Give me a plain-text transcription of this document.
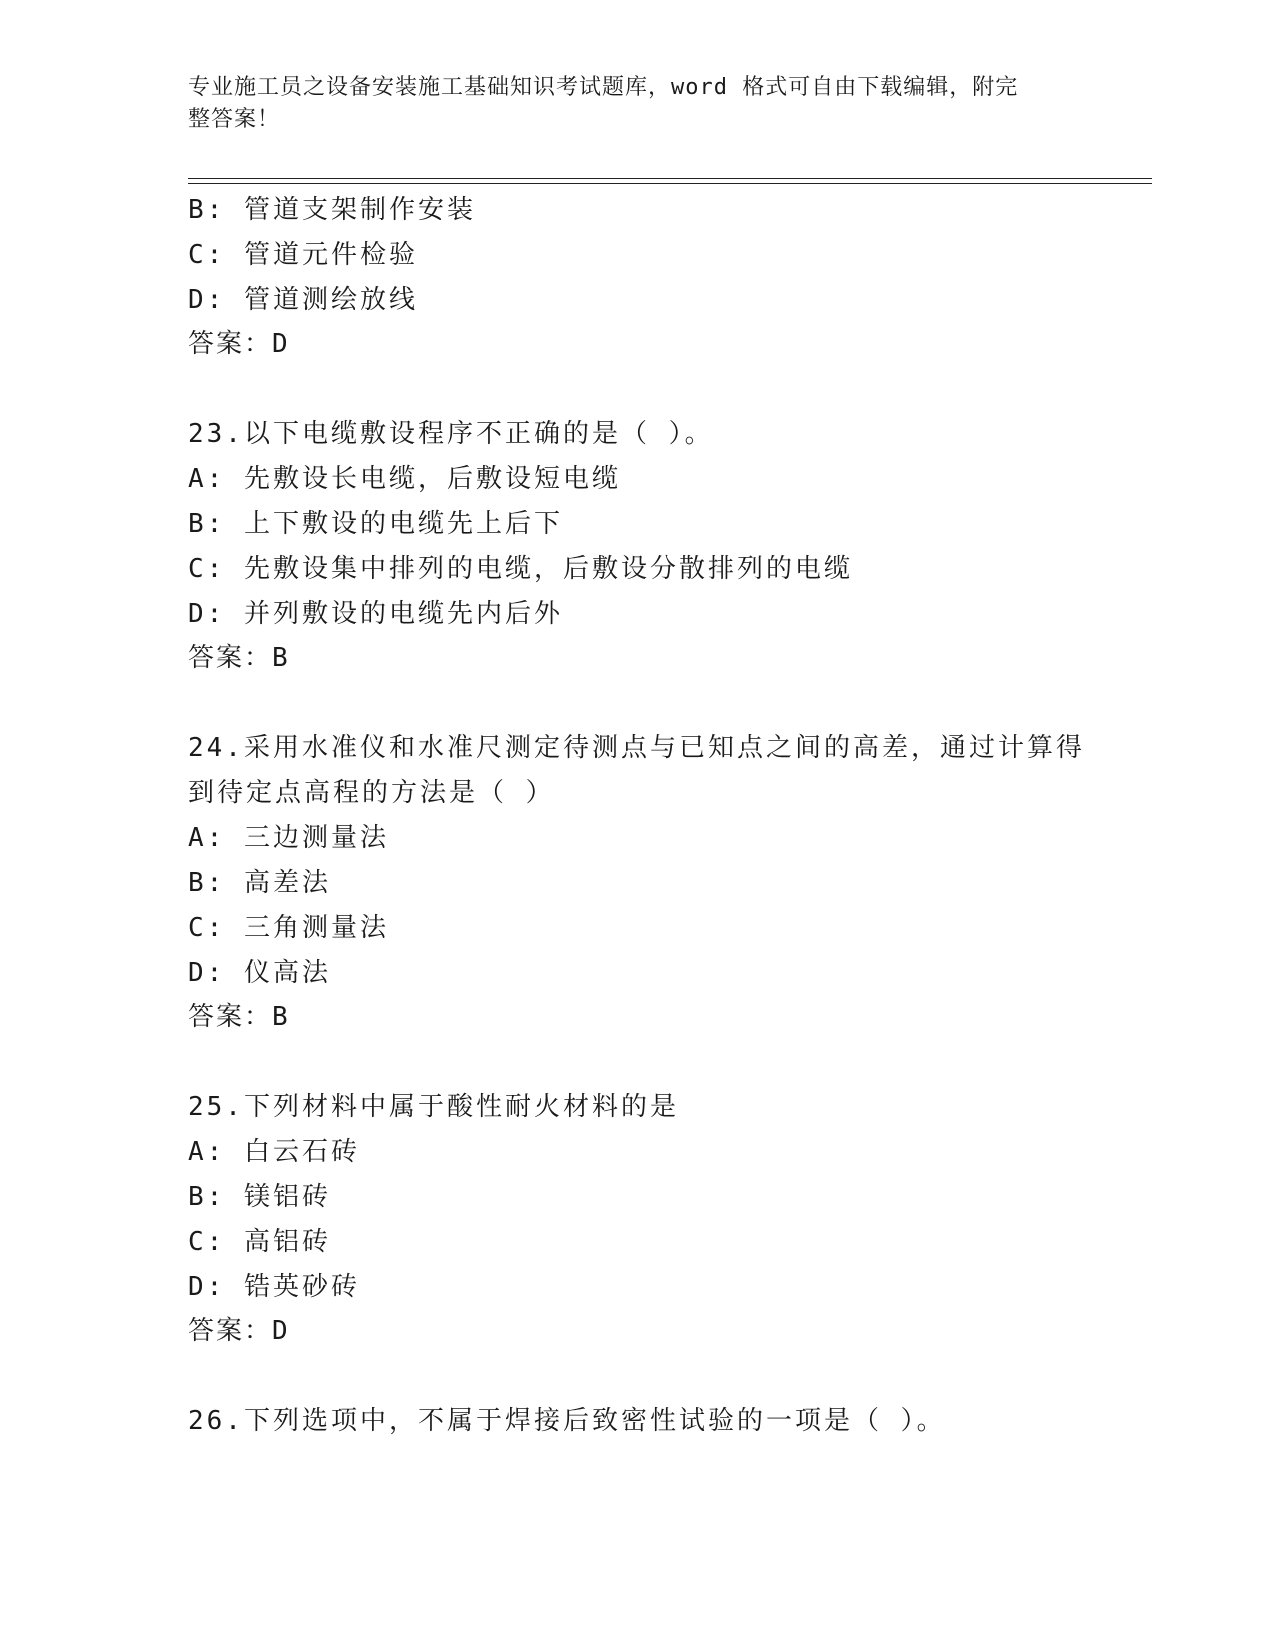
专业施工员之设备安装施工基础知识考试题库，word 格式可自由下载编辑，附完
整答案！
B: 管道支架制作安装
C: 管道元件检验
D: 管道测绘放线
答案：D
23.以下电缆敷设程序不正确的是（ ）。
A: 先敷设长电缆，后敷设短电缆
B: 上下敷设的电缆先上后下
C: 先敷设集中排列的电缆，后敷设分散排列的电缆
D: 并列敷设的电缆先内后外
答案：B
24.采用水准仪和水准尺测定待测点与已知点之间的高差，通过计算得
到待定点高程的方法是（ ）
A: 三边测量法
B: 高差法
C: 三角测量法
D: 仪高法
答案：B
25.下列材料中属于酸性耐火材料的是
A: 白云石砖
B: 镁铝砖
C: 高铝砖
D: 锆英砂砖
答案：D
26.下列选项中，不属于焊接后致密性试验的一项是（ ）。
